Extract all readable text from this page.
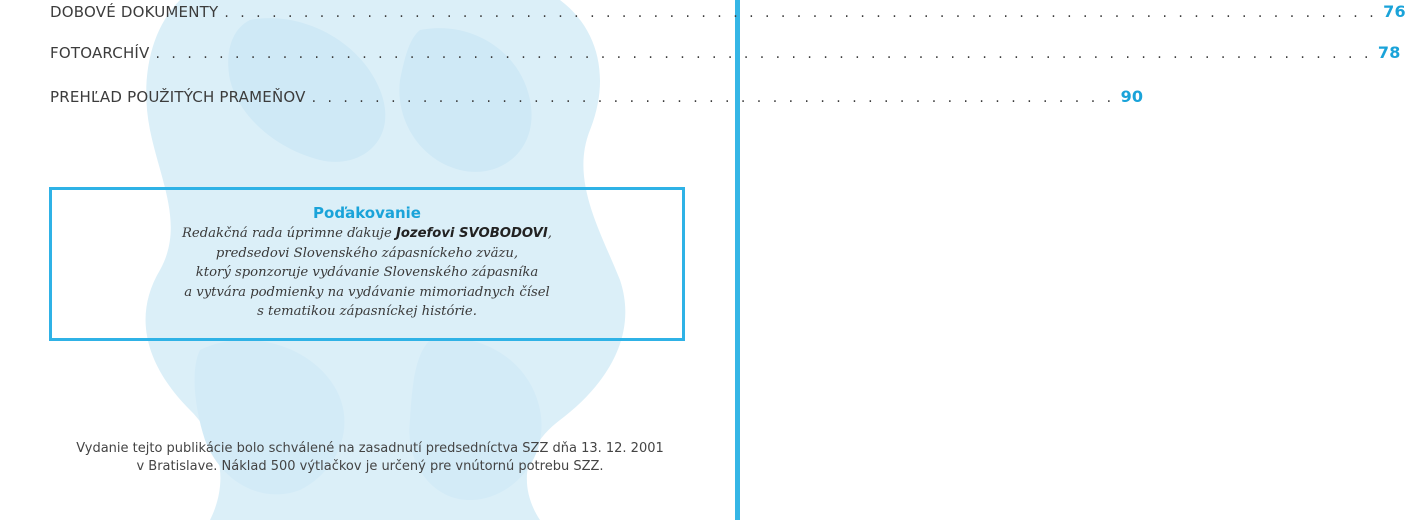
DOBOVÉ DOKUMENTY . . . . . . . . . . . . . . . . . . . . . . . . . . . . . . . . . . . . . . . . . . . . . . . . . . . . . . . . . . . . . . . . . . . . . . . . . 76
FOTOARCHÍV . . . . . . . . . . . . . . . . . . . . . . . . . . . . . . . . . . . . . . . . . . . . . . . . . . . . . . . . . . . . . . . . . . . . . . . . . . . . . 78
PREHĽAD POUŽITÝCH PRAMEŇOV . . . . . . . . . . . . . . . . . . . . . . . . . . . . . . . . . . . . . . . . . . . . . . . . . . . 90
Poďakovanie
Redakčná rada úprimne ďakuje Jozefovi SVOBODOVI,
predsedovi Slovenského zápasníckeho zväzu,
ktorý sponzoruje vydávanie Slovenského zápasníka
a vytvára podmienky na vydávanie mimoriadnych čísel
s tematikou zápasníckej histórie.
Vydanie tejto publikácie bolo schválené na zasadnutí predsedníctva SZZ dňa 13. 12. 2001
v Bratislave. Náklad 500 výtlačkov je určený pre vnútornú potrebu SZZ.
